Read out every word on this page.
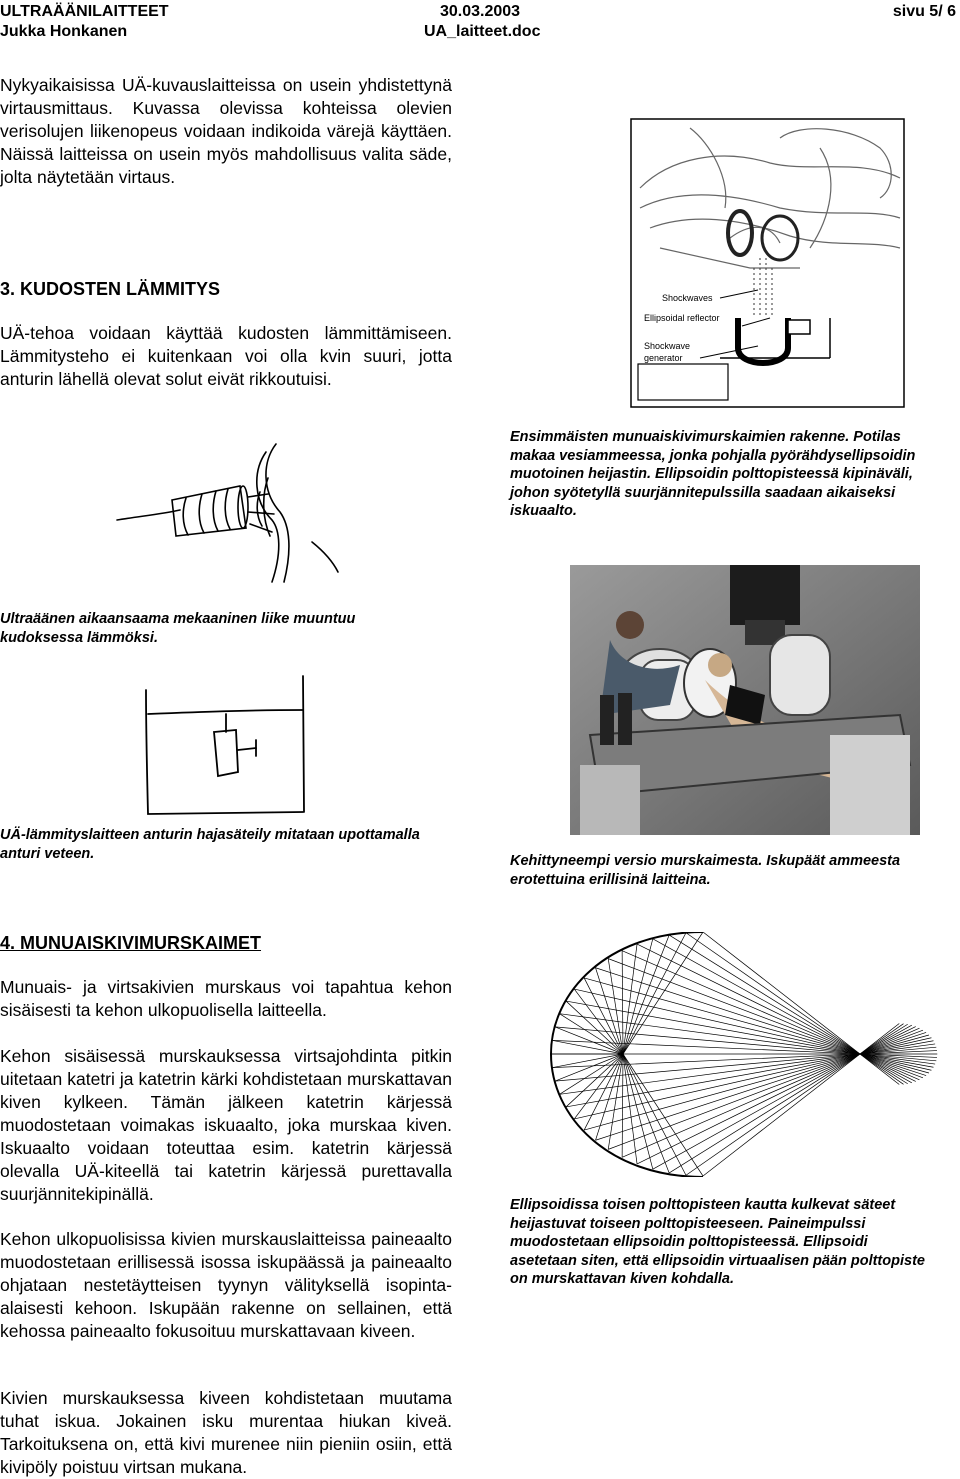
ULTRAÄÄNILAITTEET	30.03.2003	sivu 5/ 6
Jukka Honkanen	UA_laitteet.doc
Nykyaikaisissa UÄ-kuvauslaitteissa on usein yhdistettynä virtausmittaus. Kuvassa olevissa kohteissa olevien verisolujen liikenopeus voidaan indikoida värejä käyttäen. Näissä laitteissa on usein myös mahdollisuus valita säde, jolta näytetään virtaus.
3. KUDOSTEN LÄMMITYS
UÄ-tehoa voidaan käyttää kudosten lämmittämiseen. Lämmitysteho ei kuitenkaan voi olla kvin suuri, jotta anturin lähellä olevat solut eivät rikkoutuisi.
Shockwaves
Ellipsoidal reflector
Shockwave
generator
Ensimmäisten munuaiskivimurskaimien rakenne. Potilas makaa vesiammeessa, jonka pohjalla pyörähdysellipsoidin muotoinen heijastin. Ellipsoidin polttopisteessä kipinäväli, johon syötetyllä suurjännitepulssilla saadaan aikaiseksi iskuaalto.
Ultraäänen aikaansaama mekaaninen liike muuntuu kudoksessa lämmöksi.
UÄ-lämmityslaitteen anturin hajasäteily mitataan upottamalla anturi veteen.	Kehittyneempi versio murskaimesta. Iskupäät ammeesta erotettuina erillisinä laitteina.
4. MUNUAISKIVIMURSKAIMET
Munuais- ja virtsakivien murskaus voi tapahtua kehon sisäisesti ta kehon ulkopuolisella laitteella.
Kehon sisäisessä murskauksessa virtsajohdinta pitkin uitetaan katetri ja katetrin kärki kohdistetaan murskattavan kiven kylkeen. Tämän jälkeen katetrin kärjessä muodostetaan voimakas iskuaalto, joka murskaa kiven. Iskuaalto voidaan toteuttaa esim. katetrin kärjessä olevalla UÄ-kiteellä tai katetrin kärjessä purettavalla suurjännitekipinällä.
Kehon ulkopuolisissa kivien murskauslaitteissa paineaalto muodostetaan erillisessä isossa iskupäässä ja paineaalto ohjataan nestetäytteisen tyynyn välityksellä isopinta-alaisesti kehoon. Iskupään rakenne on sellainen, että kehossa paineaalto fokusoituu murskattavaan kiveen.
Kivien murskauksessa kiveen kohdistetaan muutama tuhat iskua. Jokainen isku murentaa hiukan kiveä. Tarkoituksena on, että kivi murenee niin pieniin osiin, että kivipöly poistuu virtsan mukana.
Ellipsoidissa toisen polttopisteen kautta kulkevat säteet heijastuvat toiseen polttopisteeseen. Paineimpulssi muodostetaan ellipsoidin polttopisteessä. Ellipsoidi asetetaan siten, että ellipsoidin virtuaalisen pään polttopiste on murskattavan kiven kohdalla.
